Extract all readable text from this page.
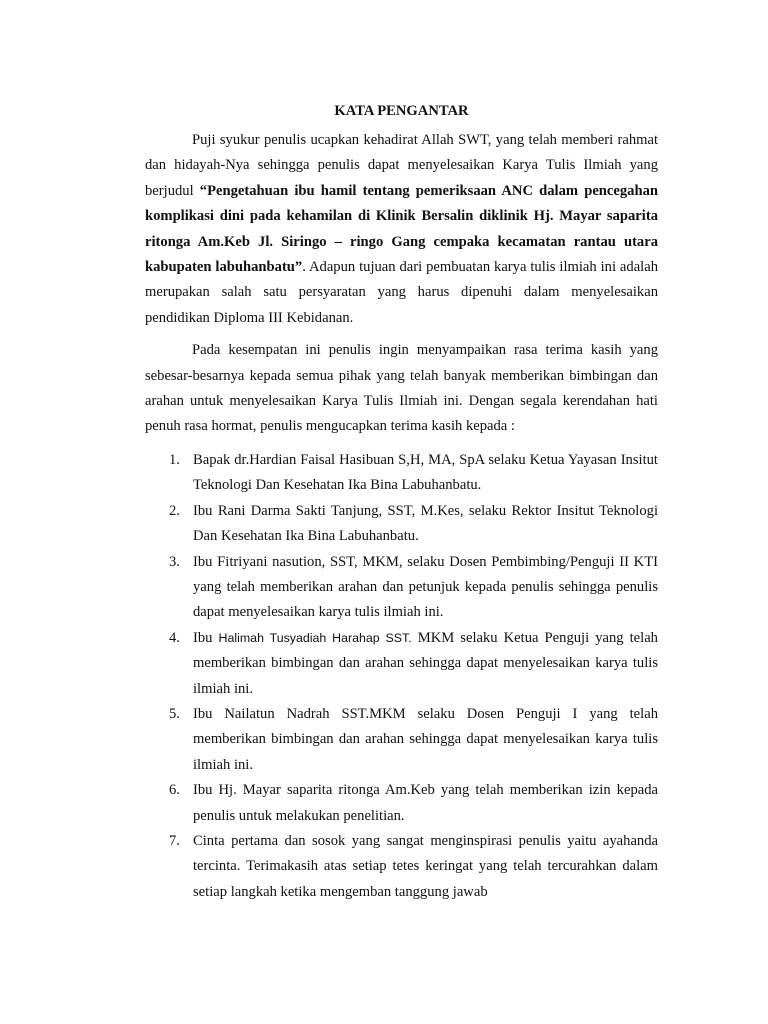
KATA PENGANTAR

Puji syukur penulis ucapkan kehadirat Allah SWT, yang telah memberi rahmat dan hidayah-Nya sehingga penulis dapat menyelesaikan Karya Tulis Ilmiah yang berjudul “Pengetahuan ibu hamil tentang pemeriksaan ANC dalam pencegahan komplikasi dini pada kehamilan di Klinik Bersalin diklinik Hj. Mayar saparita ritonga Am.Keb Jl. Siringo – ringo Gang cempaka kecamatan rantau utara kabupaten labuhanbatu”. Adapun tujuan dari pembuatan karya tulis ilmiah ini adalah merupakan salah satu persyaratan yang harus dipenuhi dalam menyelesaikan pendidikan Diploma III Kebidanan.

Pada kesempatan ini penulis ingin menyampaikan rasa terima kasih yang sebesar-besarnya kepada semua pihak yang telah banyak memberikan bimbingan dan arahan untuk menyelesaikan Karya Tulis Ilmiah ini. Dengan segala kerendahan hati penuh rasa hormat, penulis mengucapkan terima kasih kepada :

1. Bapak dr.Hardian Faisal Hasibuan S,H, MA, SpA selaku Ketua Yayasan Insitut Teknologi Dan Kesehatan Ika Bina Labuhanbatu.
2. Ibu Rani Darma Sakti Tanjung, SST, M.Kes, selaku Rektor Insitut Teknologi Dan Kesehatan Ika Bina Labuhanbatu.
3. Ibu Fitriyani nasution, SST, MKM, selaku Dosen Pembimbing/Penguji II KTI yang telah memberikan arahan dan petunjuk kepada penulis sehingga penulis dapat menyelesaikan karya tulis ilmiah ini.
4. Ibu Halimah Tusyadiah Harahap SST. MKM selaku Ketua Penguji yang telah memberikan bimbingan dan arahan sehingga dapat menyelesaikan karya tulis ilmiah ini.
5. Ibu Nailatun Nadrah SST.MKM selaku Dosen Penguji I yang telah memberikan bimbingan dan arahan sehingga dapat menyelesaikan karya tulis ilmiah ini.
6. Ibu Hj. Mayar saparita ritonga Am.Keb yang telah memberikan izin kepada penulis untuk melakukan penelitian.
7. Cinta pertama dan sosok yang sangat menginspirasi penulis yaitu ayahanda tercinta. Terimakasih atas setiap tetes keringat yang telah tercurahkan dalam setiap langkah ketika mengemban tanggung jawab
